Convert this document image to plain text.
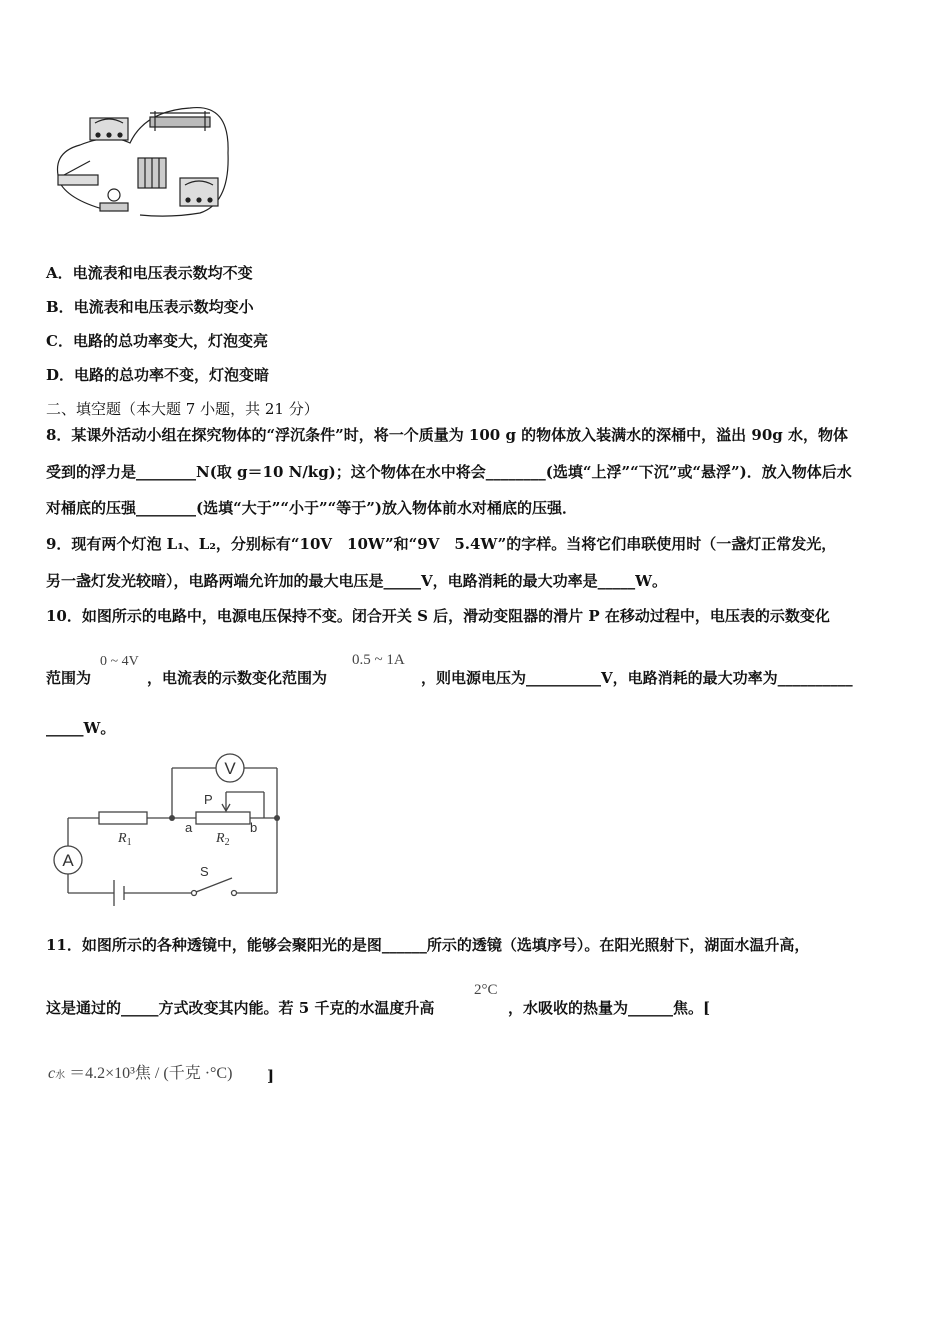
A．电流表和电压表示数均不变
B．电流表和电压表示数均变小
C．电路的总功率变大，灯泡变亮
D．电路的总功率不变，灯泡变暗
二、填空题（本大题 7 小题，共 21 分）
8．某课外活动小组在探究物体的“浮沉条件”时，将一个质量为 100 g 的物体放入装满水的深桶中，溢出 90g 水，物体
受到的浮力是________N(取 g＝10 N/kg)；这个物体在水中将会________(选填“上浮”“下沉”或“悬浮”)．放入物体后水
对桶底的压强________(选填“大于”“小于”“等于”)放入物体前水对桶底的压强．
9．现有两个灯泡 L₁、L₂，分别标有“10V　10W”和“9V　5.4W”的字样。当将它们串联使用时（一盏灯正常发光，
另一盏灯发光较暗），电路两端允许加的最大电压是_____V，电路消耗的最大功率是_____W。
10．如图所示的电路中，电源电压保持不变。闭合开关 S 后，滑动变阻器的滑片 P 在移动过程中，电压表的示数变化
范围为
0 ~ 4V
，电流表的示数变化范围为
0.5 ~ 1A
，则电源电压为__________V，电路消耗的最大功率为__________
_____W。
V
A
P
$R_1$	$R_2$
a	b
S
11．如图所示的各种透镜中，能够会聚阳光的是图______所示的透镜（选填序号）。在阳光照射下，湖面水温升高，
这是通过的_____方式改变其内能。若 5 千克的水温度升高
2°C
，水吸收的热量为______焦。[
c水 ＝4.2×10³焦 / (千克 ·°C) ]
